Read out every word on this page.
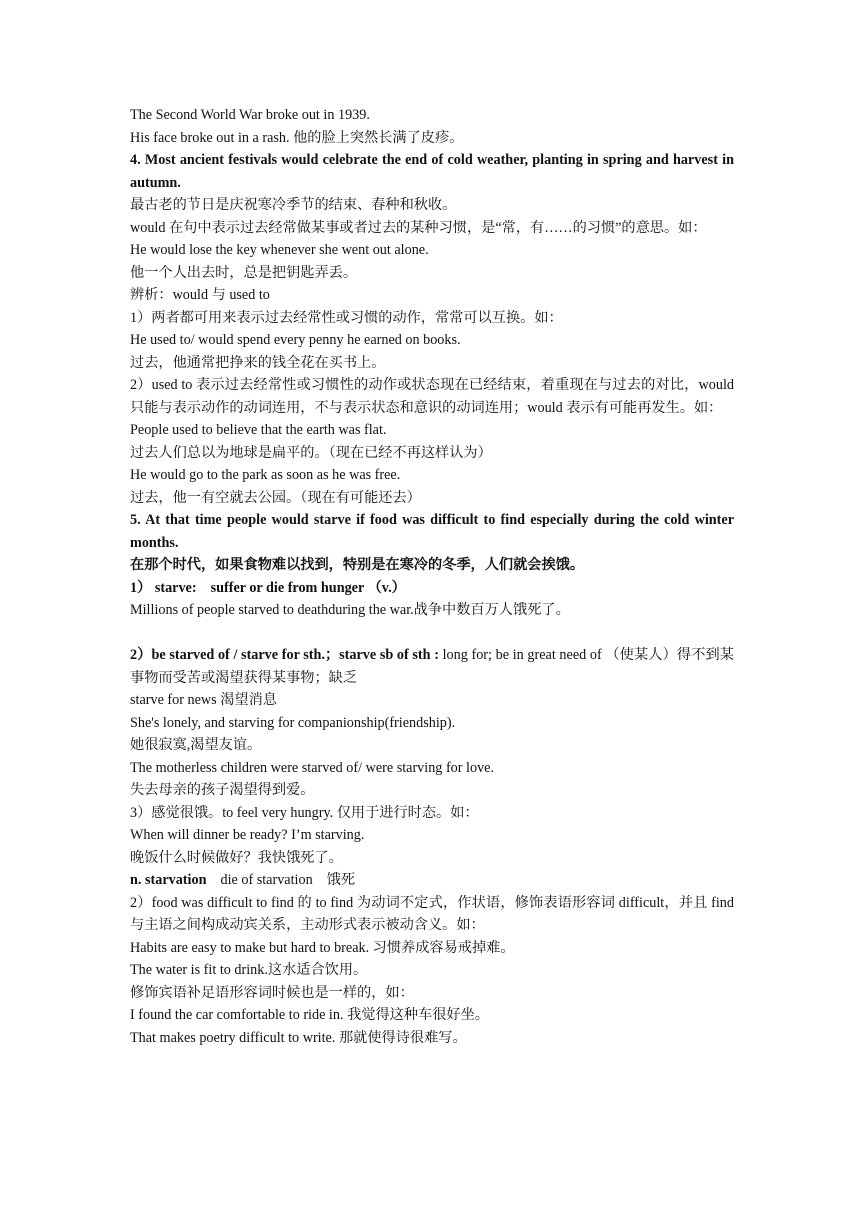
The Second World War broke out in 1939.

His face broke out in a rash. 他的脸上突然长满了皮疹。

4. Most ancient festivals would celebrate the end of cold weather, planting in spring and harvest in autumn.

最古老的节日是庆祝寒冷季节的结束、春种和秋收。

would 在句中表示过去经常做某事或者过去的某种习惯，是“常，有……的习惯”的意思。如：

He would lose the key whenever she went out alone.

他一个人出去时，总是把钥匙弄丢。

辨析：would 与 used to

1）两者都可用来表示过去经常性或习惯的动作，常常可以互换。如：

He used to/ would spend every penny he earned on books.

过去，他通常把挣来的钱全花在买书上。

2）used to 表示过去经常性或习惯性的动作或状态现在已经结束，着重现在与过去的对比，would 只能与表示动作的动词连用，不与表示状态和意识的动词连用；would 表示有可能再发生。如：

People used to believe that the earth was flat.

过去人们总以为地球是扁平的。（现在已经不再这样认为）

He would go to the park as soon as he was free.

过去，他一有空就去公园。（现在有可能还去）

5. At that time people would starve if food was difficult to find especially during the cold winter months.

在那个时代，如果食物难以找到，特别是在寒冷的冬季，人们就会挨饿。

1） starve: suffer or die from hunger （v.）

Millions of people starved to deathduring the war.战争中数百万人饿死了。

2）be starved of / starve for sth.；starve sb of sth : long for; be in great need of （使某人）得不到某事物而受苦或渴望获得某事物；缺乏

starve for news 渴望消息

She's lonely, and starving for companionship(friendship).

她很寂寞,渴望友谊。

The motherless children were starved of/ were starving for love.

失去母亲的孩子渴望得到爱。

3）感觉很饿。to feel very hungry. 仅用于进行时态。如：

When will dinner be ready? I’m starving.

晚饭什么时候做好？我快饿死了。

n. starvation die of starvation 饿死

2）food was difficult to find 的 to find 为动词不定式，作状语，修饰表语形容词 difficult，并且 find 与主语之间构成动宾关系，主动形式表示被动含义。如：

Habits are easy to make but hard to break. 习惯养成容易戒掉难。

The water is fit to drink.这水适合饮用。

修饰宾语补足语形容词时候也是一样的，如：

I found the car comfortable to ride in. 我觉得这种车很好坐。

That makes poetry difficult to write. 那就使得诗很难写。
